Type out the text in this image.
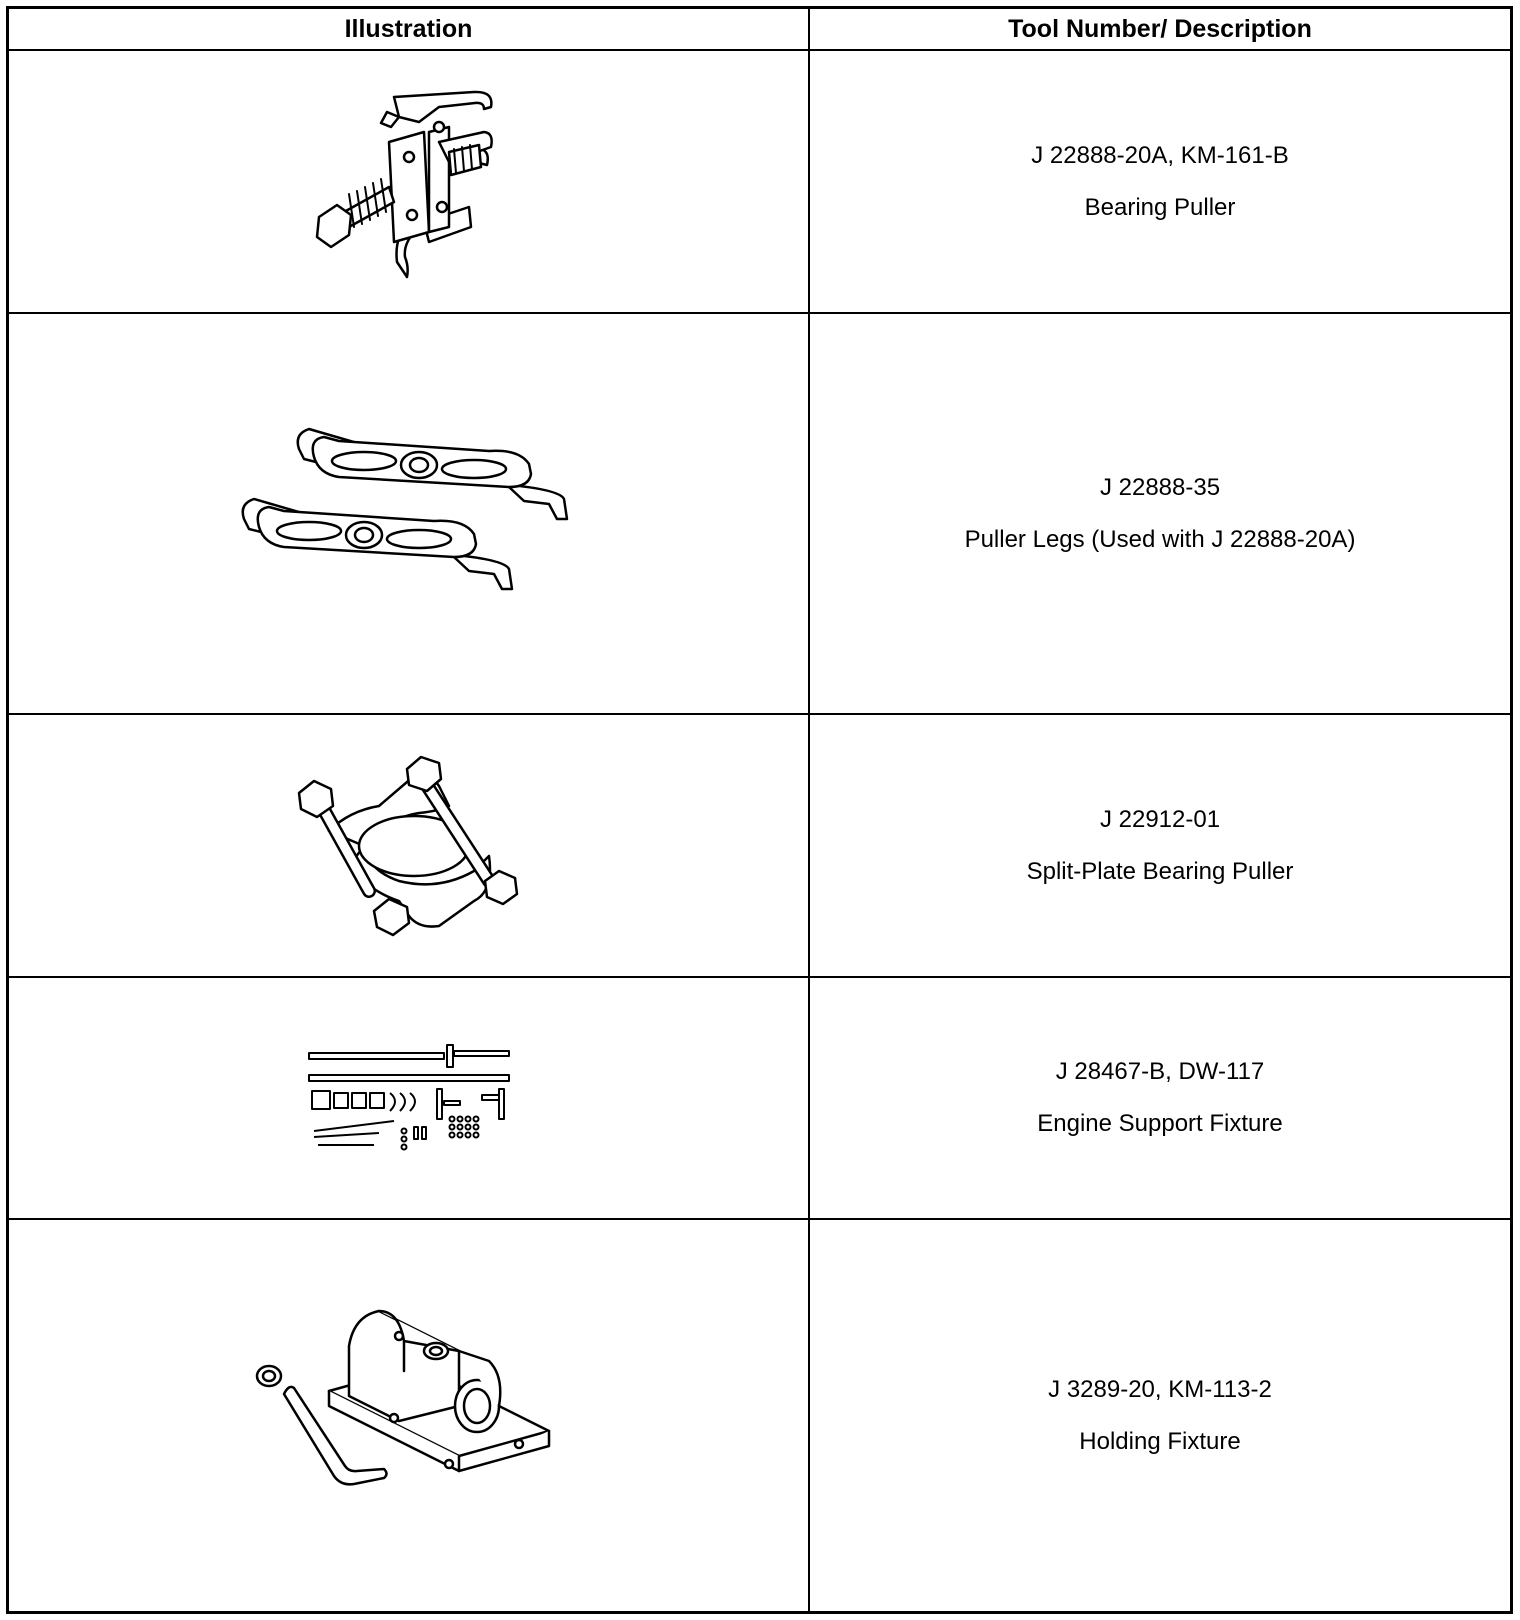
Illustration	Tool Number/ Description
J 22888-20A, KM-161-B
Bearing Puller
J 22888-35
Puller Legs (Used with J 22888-20A)
J 22912-01
Split-Plate Bearing Puller
J 28467-B, DW-117
Engine Support Fixture
J 3289-20, KM-113-2
Holding Fixture
